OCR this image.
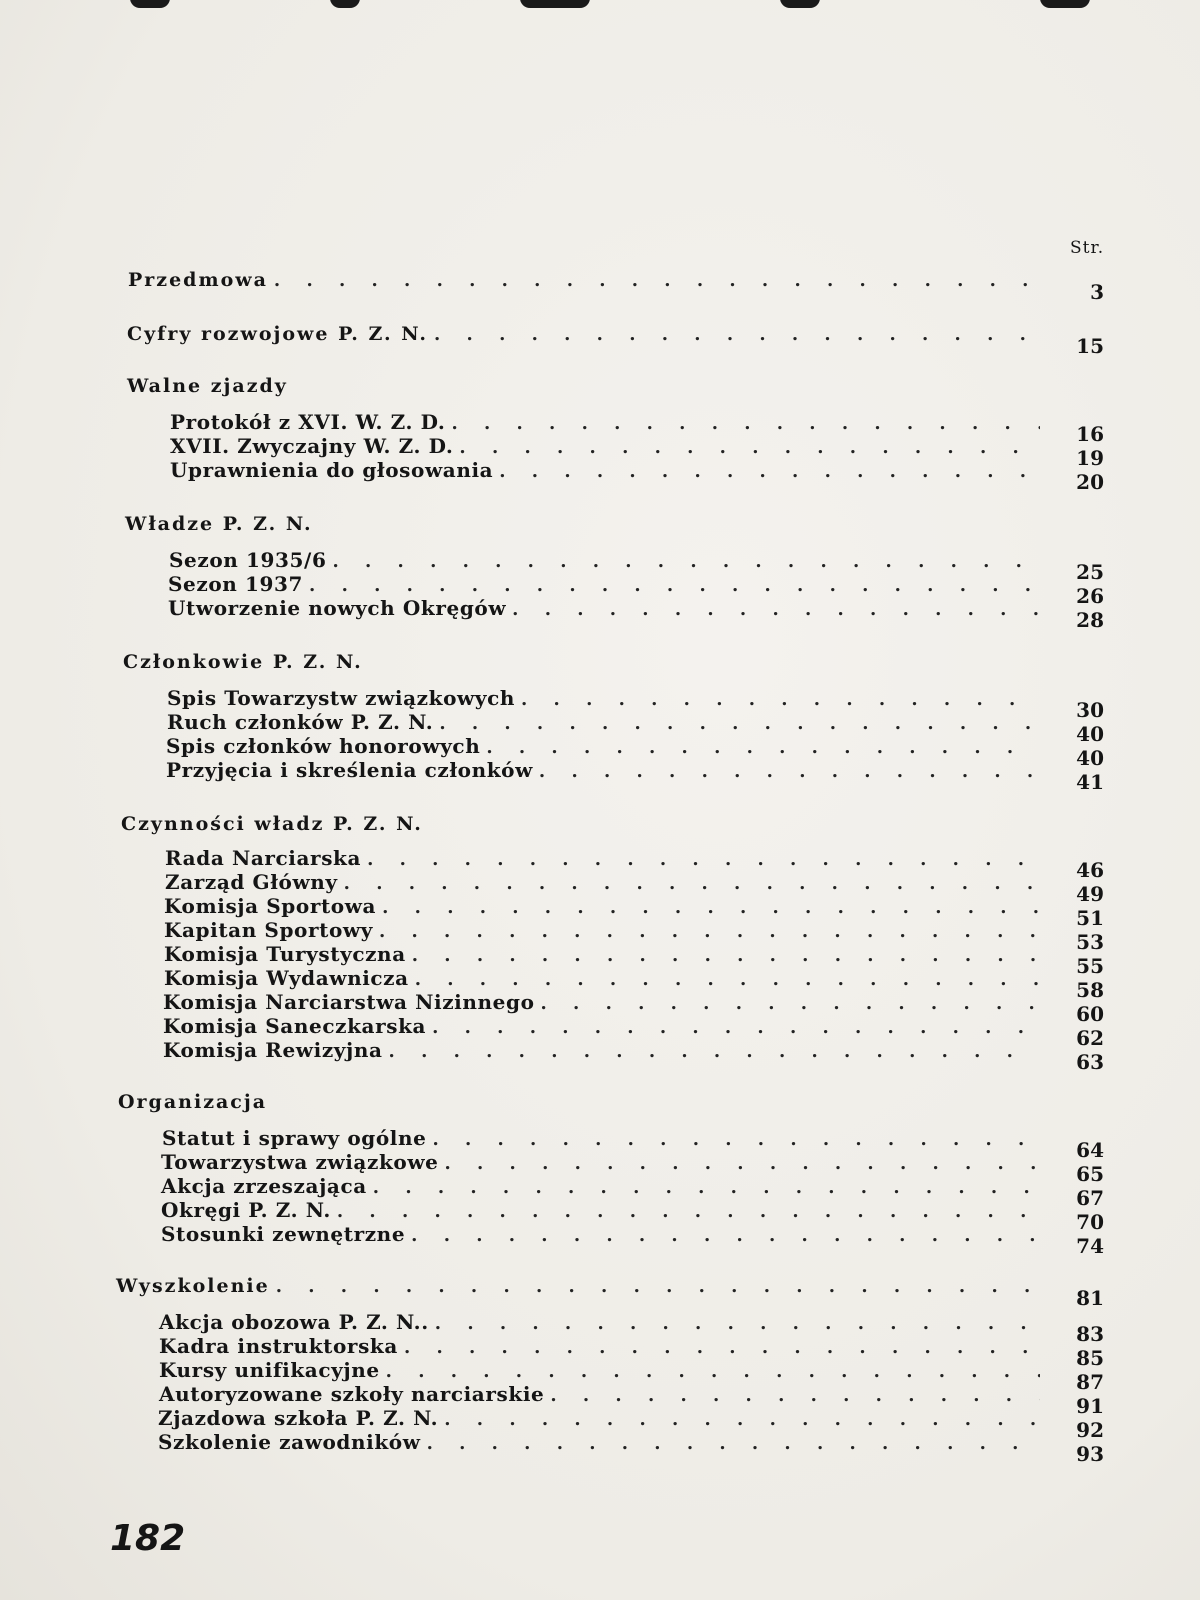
Str.
Przedmowa . . .	3
Cyfry rozwojowe P. Z. N. . . .	15
Walne zjazdy
Protokół z XVI. W. Z. D. . . .	16
XVII. Zwyczajny W. Z. D. . . .	19
Uprawnienia do głosowania . . .	20
Władze P. Z. N.
Sezon 1935/6 . . .	25
Sezon 1937 . . .	26
Utworzenie nowych Okręgów . . .	28
Członkowie P. Z. N.
Spis Towarzystw związkowych . . .	30
Ruch członków P. Z. N. . . .	40
Spis członków honorowych . . .	40
Przyjęcia i skreślenia członków . . .	41
Czynności władz P. Z. N.
Rada Narciarska . . .	46
Zarząd Główny . . .	49
Komisja Sportowa . . .	51
Kapitan Sportowy . . .	53
Komisja Turystyczna . . .	55
Komisja Wydawnicza . . .	58
Komisja Narciarstwa Nizinnego . . .	60
Komisja Saneczkarska . . .	62
Komisja Rewizyjna . . .	63
Organizacja
Statut i sprawy ogólne . . .	64
Towarzystwa związkowe . . .	65
Akcja zrzeszająca . . .	67
Okręgi P. Z. N. . . .	70
Stosunki zewnętrzne . . .	74
Wyszkolenie . . .	81
Akcja obozowa P. Z. N.. . . .	83
Kadra instruktorska . . .	85
Kursy unifikacyjne . . .	87
Autoryzowane szkoły narciarskie . . .	91
Zjazdowa szkoła P. Z. N. . . .	92
Szkolenie zawodników . . .	93
182
